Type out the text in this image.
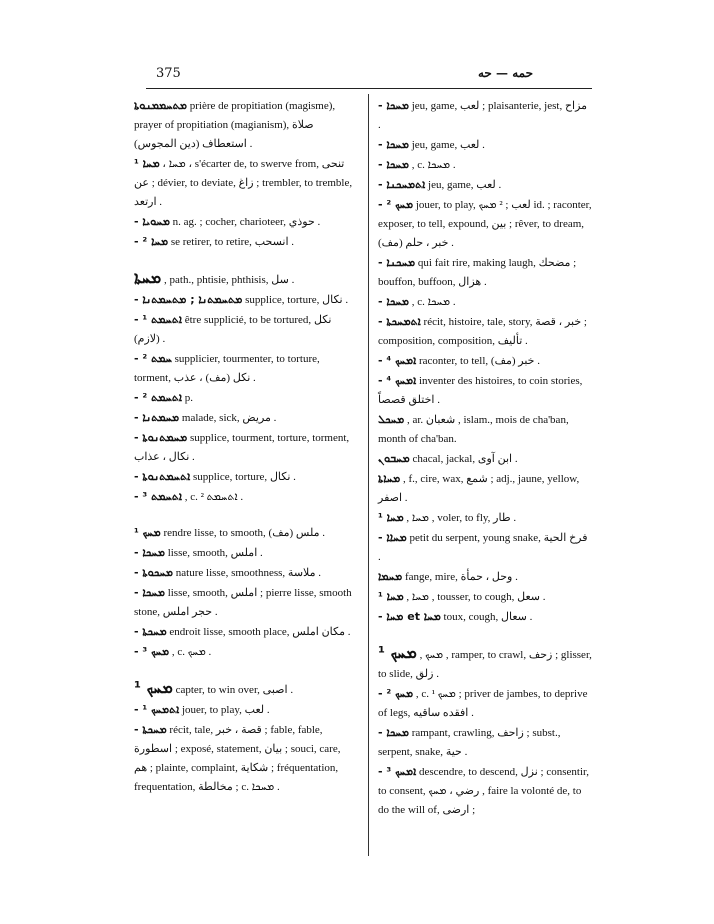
375	حمه — حه
ܡܬܚܡܡܢܘܬܐ prière de propitiation (magisme), prayer of propitiation (magianism), صلاة استعطاف (دين المجوس) .
ܡܚܐ ¹ ، ܡܚܐ ، s'écarter de, to swerve from, تنحى عن ; dévier, to deviate, زاغ ; trembler, to tremble, ارتعد .
ܡܚܘܝܐ - n. ag. ; cocher, charioteer, حوذي .
ܡܚܐ ² - se retirer, to retire, انسحب .
ܡܚܬܐ , path., phtisie, phthisis, سل .
ܡܬܚܡܬܢܐ ; ܡܬܚܡܬܢܐ - supplice, torture, نكال .
ܐܬܚܡܬ ¹ - être supplicié, to be tortured, نكل (لازم) .
ܚܡܬ ² - supplicier, tourmenter, to torture, torment, نكل (مف) ، عذب .
ܐܬܚܡܬ ² - p.
ܡܚܡܬܢܐ - malade, sick, مريض .
ܡܚܡܬܢܘܬܐ - supplice, tourment, torture, torment, نكال ، عذاب .
ܐܬܚܡܬܢܘܬܐ - supplice, torture, نكال .
ܐܬܚܡܬ ³ - , c. ² ܐܬܚܡܬ .
ܡܚܟ ¹ rendre lisse, to smooth, (مف) ملس .
ܡܚܟܐ - lisse, smooth, املس .
ܡܚܟܘܬܐ - nature lisse, smoothness, ملاسة .
ܡܚܟܐ - lisse, smooth, املس ; pierre lisse, smooth stone, حجر املس .
ܡܚܟܬܐ - endroit lisse, smooth place, مكان املس .
ܡܚܟ ³ - , c. ܡܚܟ .
ܡܚܟ ¹ capter, to win over, اصبى .
ܐܬܡܚܟ ¹ - jouer, to play, لعب .
ܡܚܟܬܐ - récit, tale, قصة ، خبر ; fable, fable, اسطورة ; exposé, statement, بيان ; souci, care, هم ; plainte, complaint, شكاية ; fréquentation, frequentation, مخالطة ; c. ܡܚܟܐ .
ܡܚܟܐ - jeu, game, لعب ; plaisanterie, jest, مزاح .
ܡܚܟܐ - jeu, game, لعب .
ܡܚܟܐ - , c. ܡܚܟܐ .
ܐܬܡܚܟܢܐ - jeu, game, لعب .
ܡܚܟ ² - jouer, to play, لعب ; ² ܡܚܟ id. ; raconter, exposer, to tell, expound, بين ; rêver, to dream, (مف) خبر ، حلم .
ܡܚܟܢܐ - qui fait rire, making laugh, مضحك ; bouffon, buffoon, هزال .
ܡܚܟܐ - , c. ܡܚܟܐ .
ܐܬܡܚܟܬܐ - récit, histoire, tale, story, خبر ، قصة ; composition, composition, تأليف .
ܐܡܚܟ ⁴ - raconter, to tell, (مف) خبر .
ܐܡܚܟ ⁴ - inventer des histoires, to coin stories, اختلق قصصاً .
ܡܚܟܠ , ar. شعبان , islam., mois de cha'ban, month of cha'ban.
ܡܚܒܘܢ chacal, jackal, ابن آوى .
ܡܚܐܬܐ , f., cire, wax, شمع ; adj., jaune, yellow, اصفر .
ܡܚܐ ¹ , ܡܚܐ , voler, to fly, طار .
ܡܚܐܐ - petit du serpent, young snake, فرخ الحية .
ܡܚܡܐ fange, mire, وحل ، حمأة .
ܡܚܐ ¹ , ܡܚܐ , tousser, to cough, سعل .
ܡܚܐ et ܡܚܐ - toux, cough, سعال .
ܡܚܟ ¹ , ܡܚܟ , ramper, to crawl, زحف ; glisser, to slide, زلق .
ܡܚܟ ² - , c. ¹ ܡܚܟ ; priver de jambes, to deprive of legs, افقده ساقيه .
ܡܚܟܐ - rampant, crawling, زاحف ; subst., serpent, snake, حية .
ܐܡܚܟ ³ - descendre, to descend, نزل ; consentir, to consent, رضي ، ܡܚܟ , faire la volonté de, to do the will of, ارضى ;
